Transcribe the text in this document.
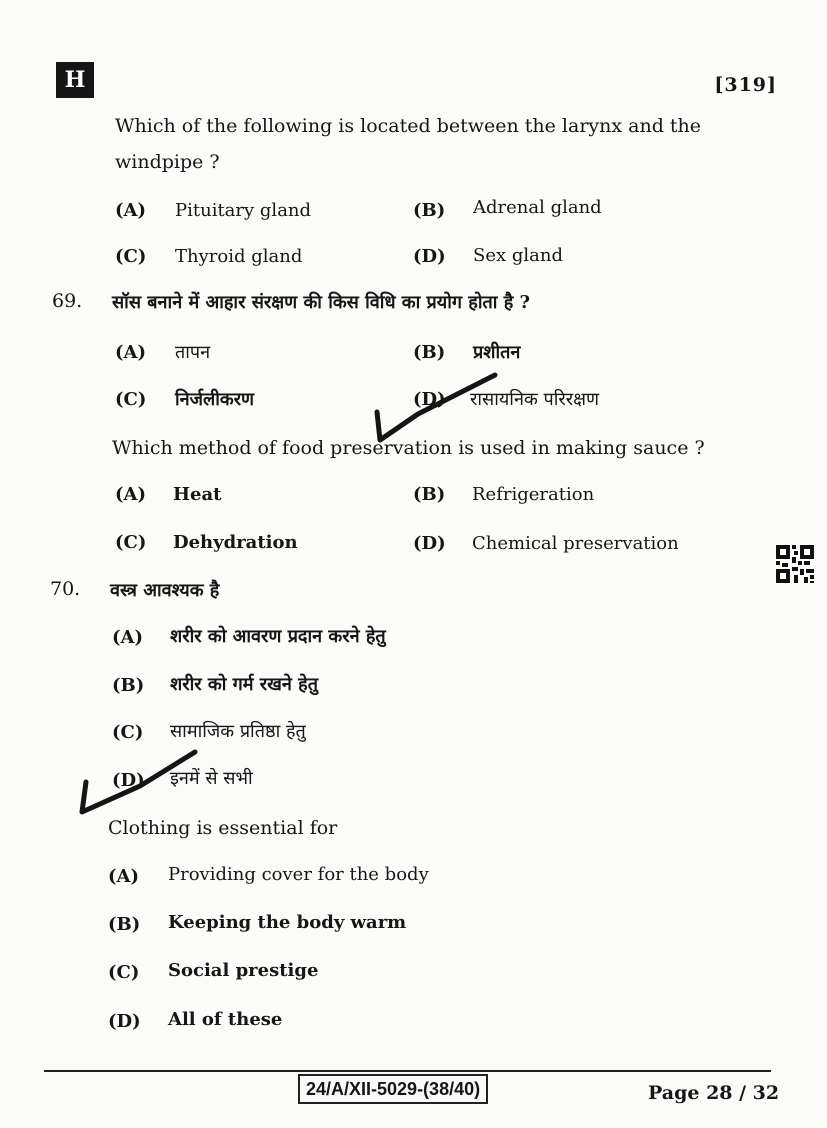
H	[319]
Which of the following is located between the larynx and the
windpipe ?
(A) Pituitary gland	(B) Adrenal gland
(C) Thyroid gland	(D) Sex gland
69. सॉस बनाने में आहार संरक्षण की किस विधि का प्रयोग होता है ?
(A) तापन	(B) प्रशीतन
(C) निर्जलीकरण	(D) रासायनिक परिरक्षण
Which method of food preservation is used in making sauce ?
(A) Heat	(B) Refrigeration
(C) Dehydration	(D) Chemical preservation
70. वस्त्र आवश्यक है
(A) शरीर को आवरण प्रदान करने हेतु
(B) शरीर को गर्म रखने हेतु
(C) सामाजिक प्रतिष्ठा हेतु
(D) इनमें से सभी
Clothing is essential for
(A) Providing cover for the body
(B) Keeping the body warm
(C) Social prestige
(D) All of these
24/A/XII-5029-(38/40)	Page 28 / 32
